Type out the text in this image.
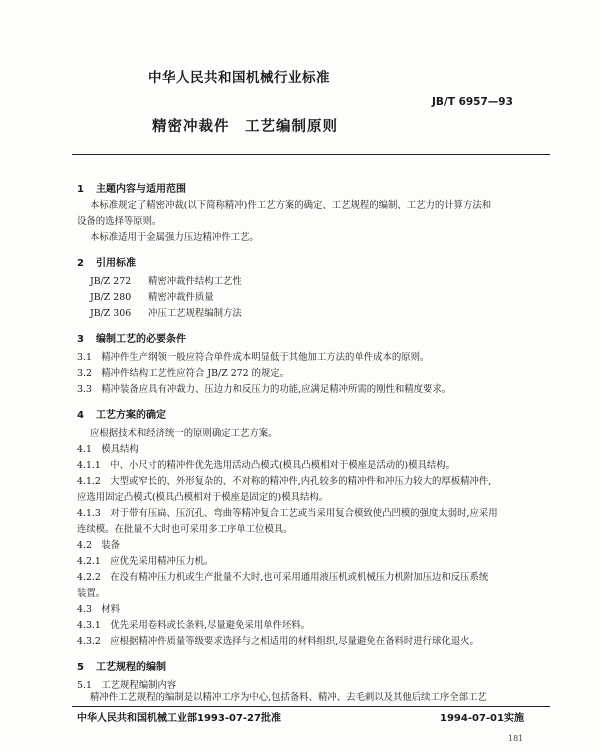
中华人民共和国机械行业标准
JB/T 6957—93
精密冲裁件　工艺编制原则
1 主题内容与适用范围
本标准规定了精密冲裁(以下简称精冲)件工艺方案的确定、工艺规程的编制、工艺力的计算方法和
设备的选择等原则。
本标准适用于金属强力压边精冲件工艺。
2 引用标准
JB/Z 272 精密冲裁件结构工艺性
JB/Z 280 精密冲裁件质量
JB/Z 306 冲压工艺规程编制方法
3 编制工艺的必要条件
3.1　精冲件生产纲领一般应符合单件成本明显低于其他加工方法的单件成本的原则。
3.2　精冲件结构工艺性应符合 JB/Z 272 的规定。
3.3　精冲装备应具有冲裁力、压边力和反压力的功能,应满足精冲所需的刚性和精度要求。
4 工艺方案的确定
应根据技术和经济统一的原则确定工艺方案。
4.1　模具结构
4.1.1　中、小尺寸的精冲件优先选用活动凸模式(模具凸模相对于模座是活动的)模具结构。
4.1.2　大型或窄长的、外形复杂的、不对称的精冲件,内孔较多的精冲件和冲压力较大的厚板精冲件,
应选用固定凸模式(模具凸模相对于模座是固定的)模具结构。
4.1.3　对于带有压扁、压沉孔、弯曲等精冲复合工艺或当采用复合模致使凸凹模的强度太弱时,应采用
连续模。在批量不大时也可采用多工序单工位模具。
4.2　装备
4.2.1　应优先采用精冲压力机。
4.2.2　在没有精冲压力机或生产批量不大时,也可采用通用液压机或机械压力机附加压边和反压系统
装置。
4.3　材料
4.3.1　优先采用卷料或长条料,尽量避免采用单件坯料。
4.3.2　应根据精冲件质量等级要求选择与之相适用的材料组织,尽量避免在备料时进行球化退火。
5 工艺规程的编制
5.1　工艺规程编制内容
精冲件工艺规程的编制是以精冲工序为中心,包括备料、精冲、去毛刺以及其他后续工序全部工艺
中华人民共和国机械工业部1993-07-27批准	1994-07-01实施
181
